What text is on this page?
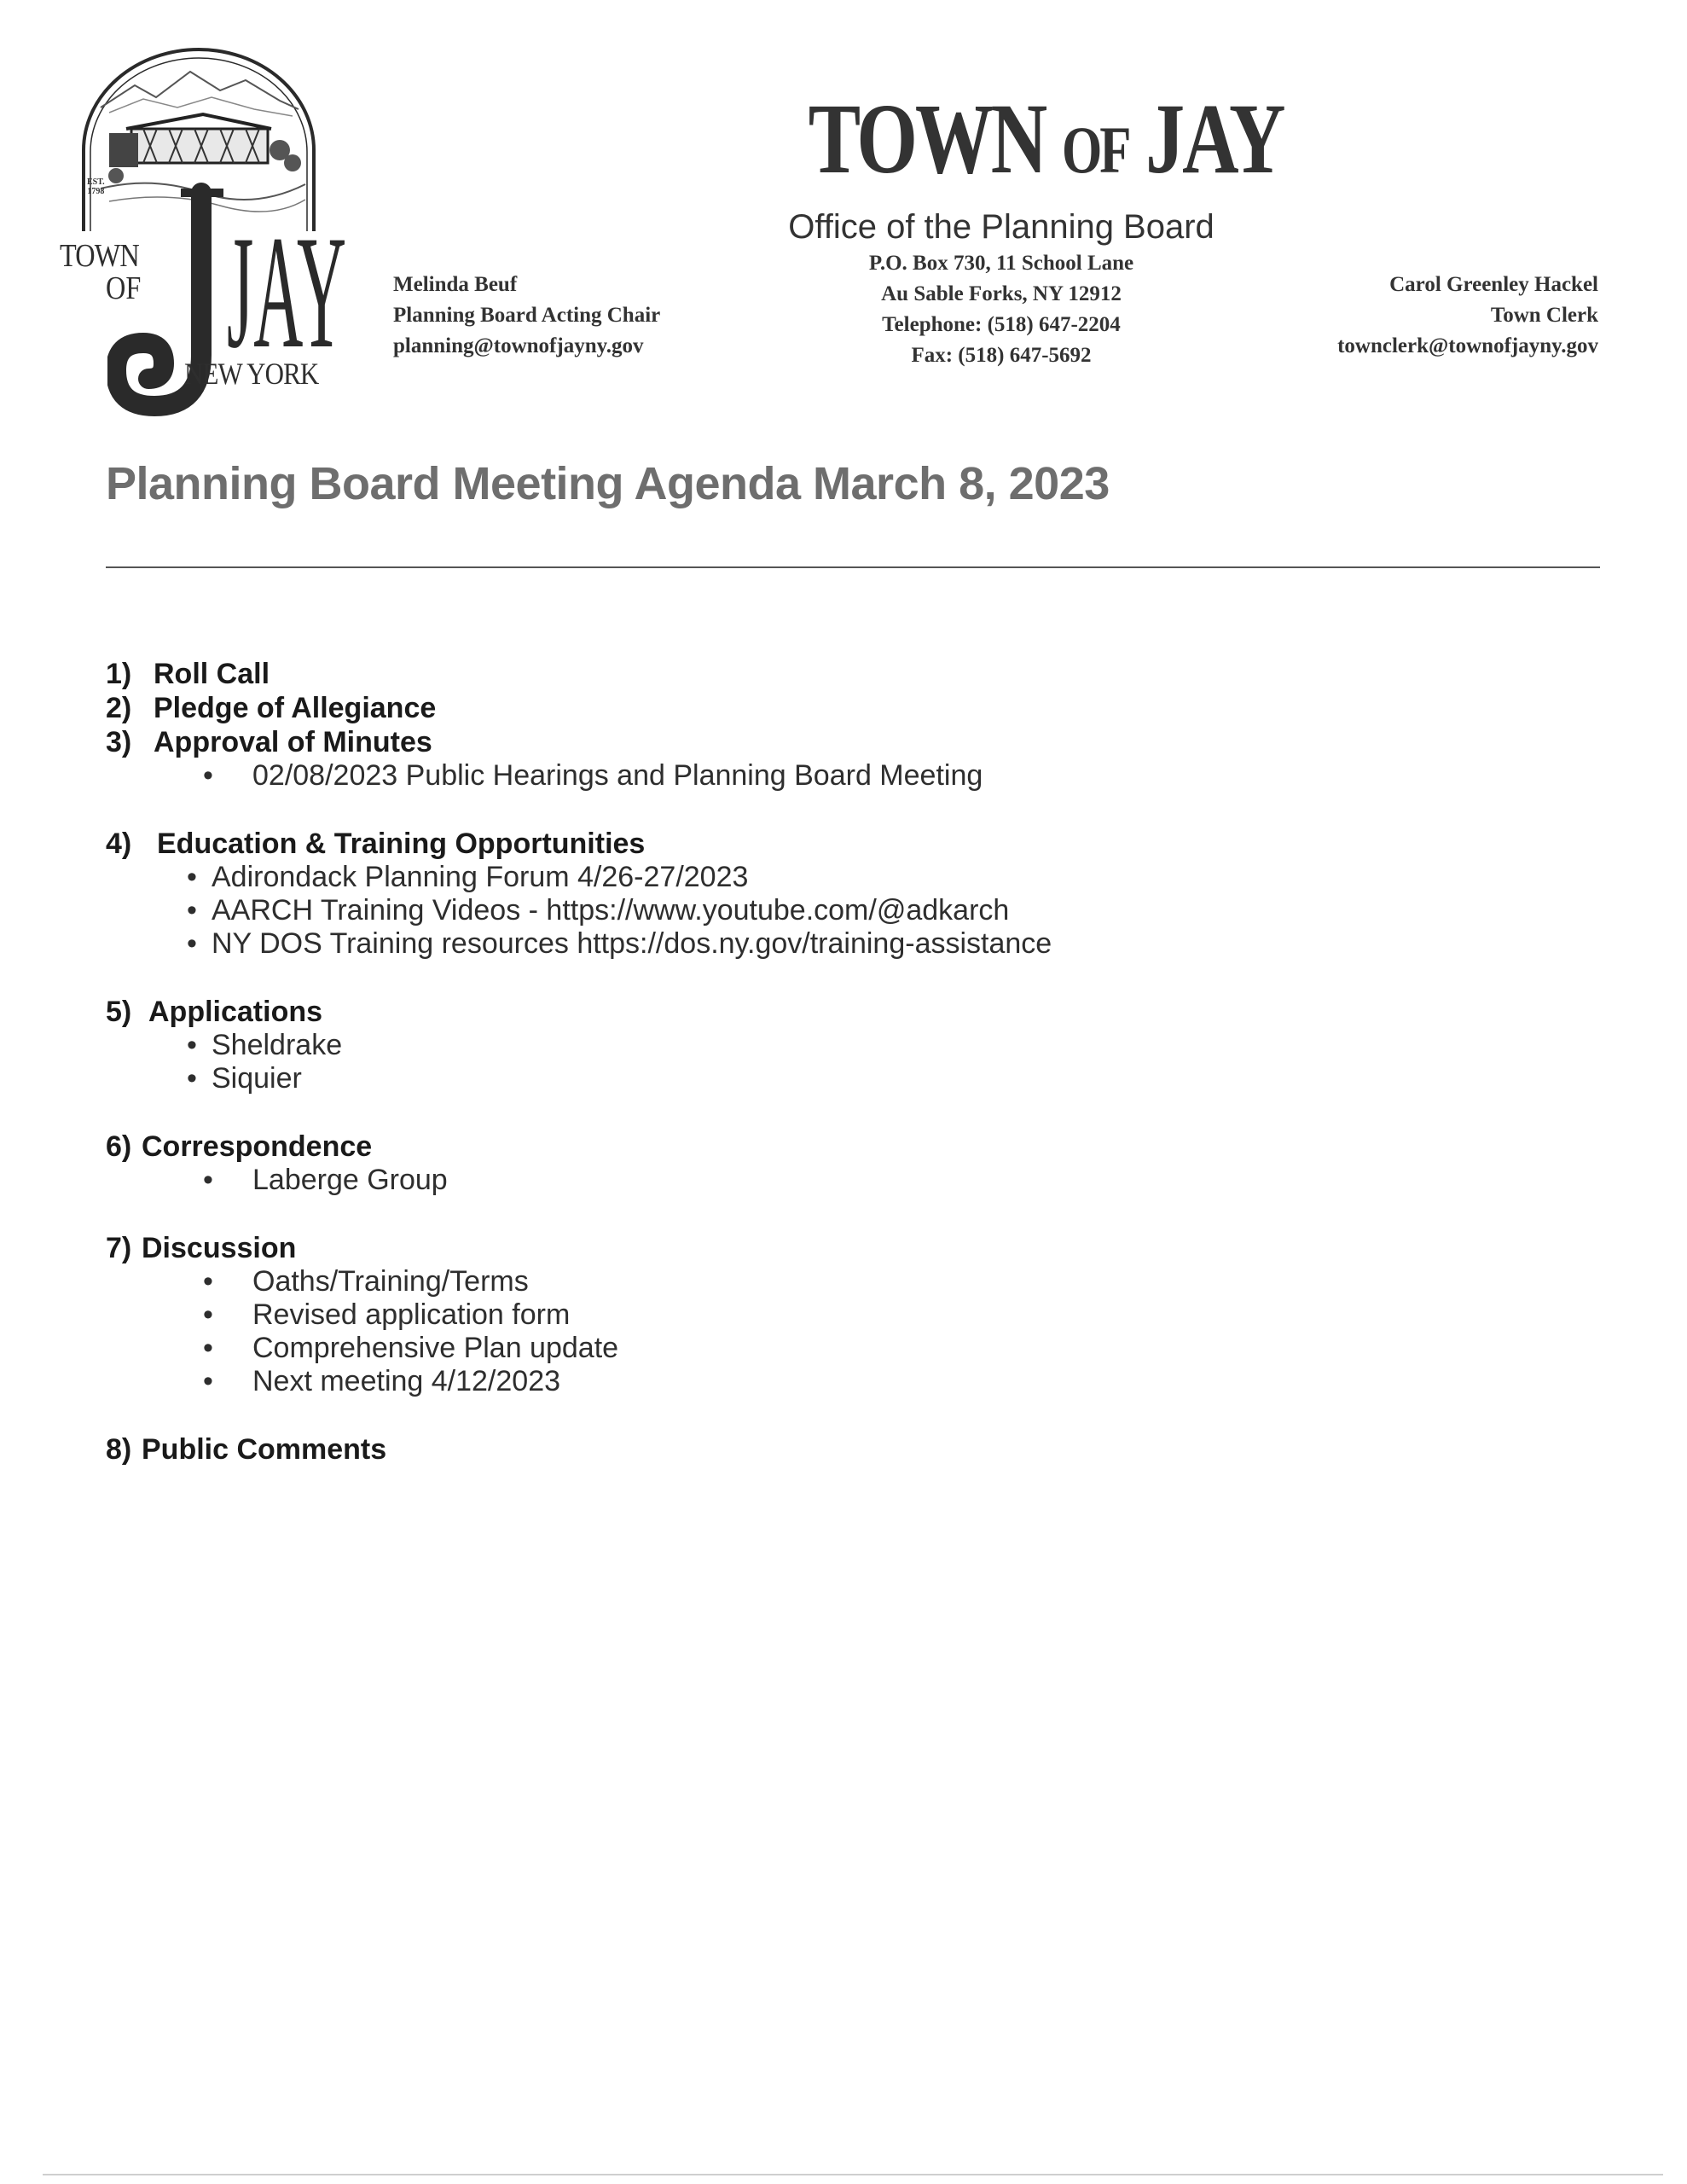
EST.
1798
TOWN
OF JAY
NEW YORK
TOWN OF JAY
Office of the Planning Board
P.O. Box 730, 11 School Lane
Au Sable Forks, NY 12912
Telephone: (518) 647-2204
Fax: (518) 647-5692
Melinda Beuf
Planning Board Acting Chair
planning@townofjayny.gov
Carol Greenley Hackel
Town Clerk
townclerk@townofjayny.gov
Planning Board Meeting Agenda March 8, 2023
1) Roll Call
2) Pledge of Allegiance
3) Approval of Minutes
• 02/08/2023 Public Hearings and Planning Board Meeting
4) Education & Training Opportunities
• Adirondack Planning Forum 4/26-27/2023
• AARCH Training Videos - https://www.youtube.com/@adkarch
• NY DOS Training resources https://dos.ny.gov/training-assistance
5) Applications
• Sheldrake
• Siquier
6) Correspondence
• Laberge Group
7) Discussion
• Oaths/Training/Terms
• Revised application form
• Comprehensive Plan update
• Next meeting 4/12/2023
8) Public Comments
